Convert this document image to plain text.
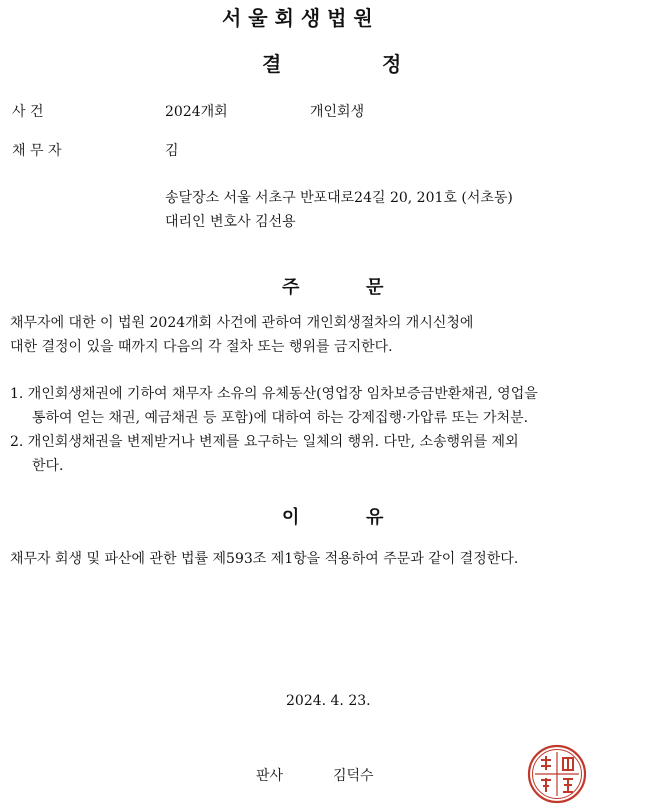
서 울 회 생 법 원
결	정
사 건	2024개회	개인회생
채 무 자	김
송달장소 서울 서초구 반포대로24길 20, 201호 (서초동)
대리인 변호사 김선용
주	문
채무자에 대한 이 법원 2024개회 사건에 관하여 개인회생절차의 개시신청에
대한 결정이 있을 때까지 다음의 각 절차 또는 행위를 금지한다.
1. 개인회생채권에 기하여 채무자 소유의 유체동산(영업장 임차보증금반환채권, 영업을
통하여 얻는 채권, 예금채권 등 포함)에 대하여 하는 강제집행·가압류 또는 가처분.
2. 개인회생채권을 변제받거나 변제를 요구하는 일체의 행위. 다만, 소송행위를 제외
한다.
이	유
채무자 회생 및 파산에 관한 법률 제593조 제1항을 적용하여 주문과 같이 결정한다.
2024. 4. 23.
판사	김덕수
